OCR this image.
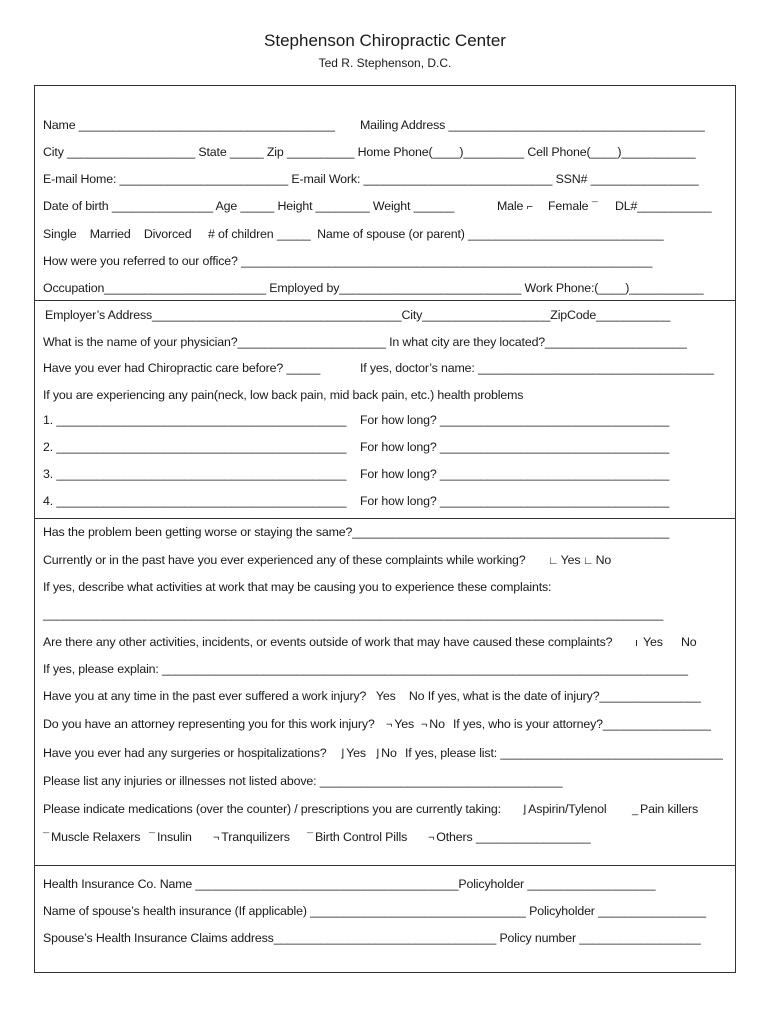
Stephenson Chiropractic Center
Ted R. Stephenson, D.C.
Name ______________________________________ Mailing Address ______________________________________
City ___________________ State _____ Zip __________ Home Phone(____)_________ Cell Phone(____)___________
E-mail Home: _________________________ E-mail Work: ____________________________ SSN# ________________
Date of birth _______________ Age _____ Height ________ Weight ______	Male ⌐ Female ¯ DL#___________
Single    Married    Divorced     # of children _____  Name of spouse (or parent) _____________________________
How were you referred to our office? _____________________________________________________________
Occupation________________________ Employed by___________________________ Work Phone:(____)___________
Employer’s Address_____________________________________City___________________ZipCode___________
What is the name of your physician?______________________ In what city are they located?_____________________
Have you ever had Chiropractic care before? _____	If yes, doctor’s name: ___________________________________
If you are experiencing any pain(neck, low back pain, mid back pain, etc.) health problems
1. ___________________________________________ For how long? __________________________________
2. ___________________________________________ For how long? __________________________________
3. ___________________________________________ For how long? __________________________________
4. ___________________________________________ For how long? __________________________________
Has the problem been getting worse or staying the same?_______________________________________________
Currently or in the past have you ever experienced any of these complaints while working? ∟ Yes ∟ No
If yes, describe what activities at work that may be causing you to experience these complaints:
____________________________________________________________________________________________
Are there any other activities, incidents, or events outside of work that may have caused these complaints? ı Yes No
If yes, please explain: ______________________________________________________________________________
Have you at any time in the past ever suffered a work injury?   Yes    No If yes, what is the date of injury?_______________
Do you have an attorney representing you for this work injury? ¬ Yes ¬ No If yes, who is your attorney?________________
Have you ever had any surgeries or hospitalizations? ⌋ Yes ⌋ No If yes, please list: _________________________________
Please list any injuries or illnesses not listed above: ____________________________________
Please indicate medications (over the counter) / prescriptions you are currently taking: ⌋ Aspirin/Tylenol _ Pain killers
¯ Muscle Relaxers ¯ Insulin ¬ Tranquilizers ¯ Birth Control Pills ¬ Others _________________
Health Insurance Co. Name _______________________________________Policyholder ___________________
Name of spouse’s health insurance (If applicable) ________________________________ Policyholder ________________
Spouse’s Health Insurance Claims address_________________________________ Policy number __________________
